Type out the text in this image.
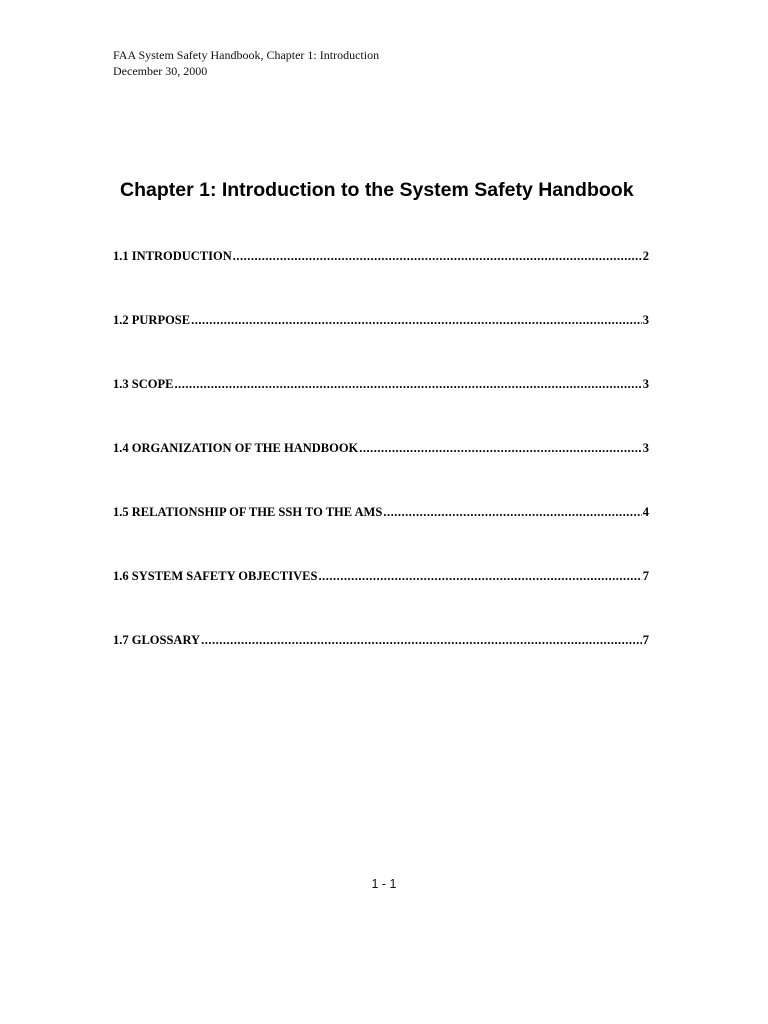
FAA System Safety Handbook, Chapter 1: Introduction
December 30, 2000
Chapter 1: Introduction to the System Safety Handbook
1.1 INTRODUCTION .....	2
1.2 PURPOSE .....	3
1.3 SCOPE .....	3
1.4 ORGANIZATION OF THE HANDBOOK .....	3
1.5 RELATIONSHIP OF THE SSH TO THE AMS .....	4
1.6 SYSTEM SAFETY OBJECTIVES .....	7
1.7 GLOSSARY .....	7
1 - 1
